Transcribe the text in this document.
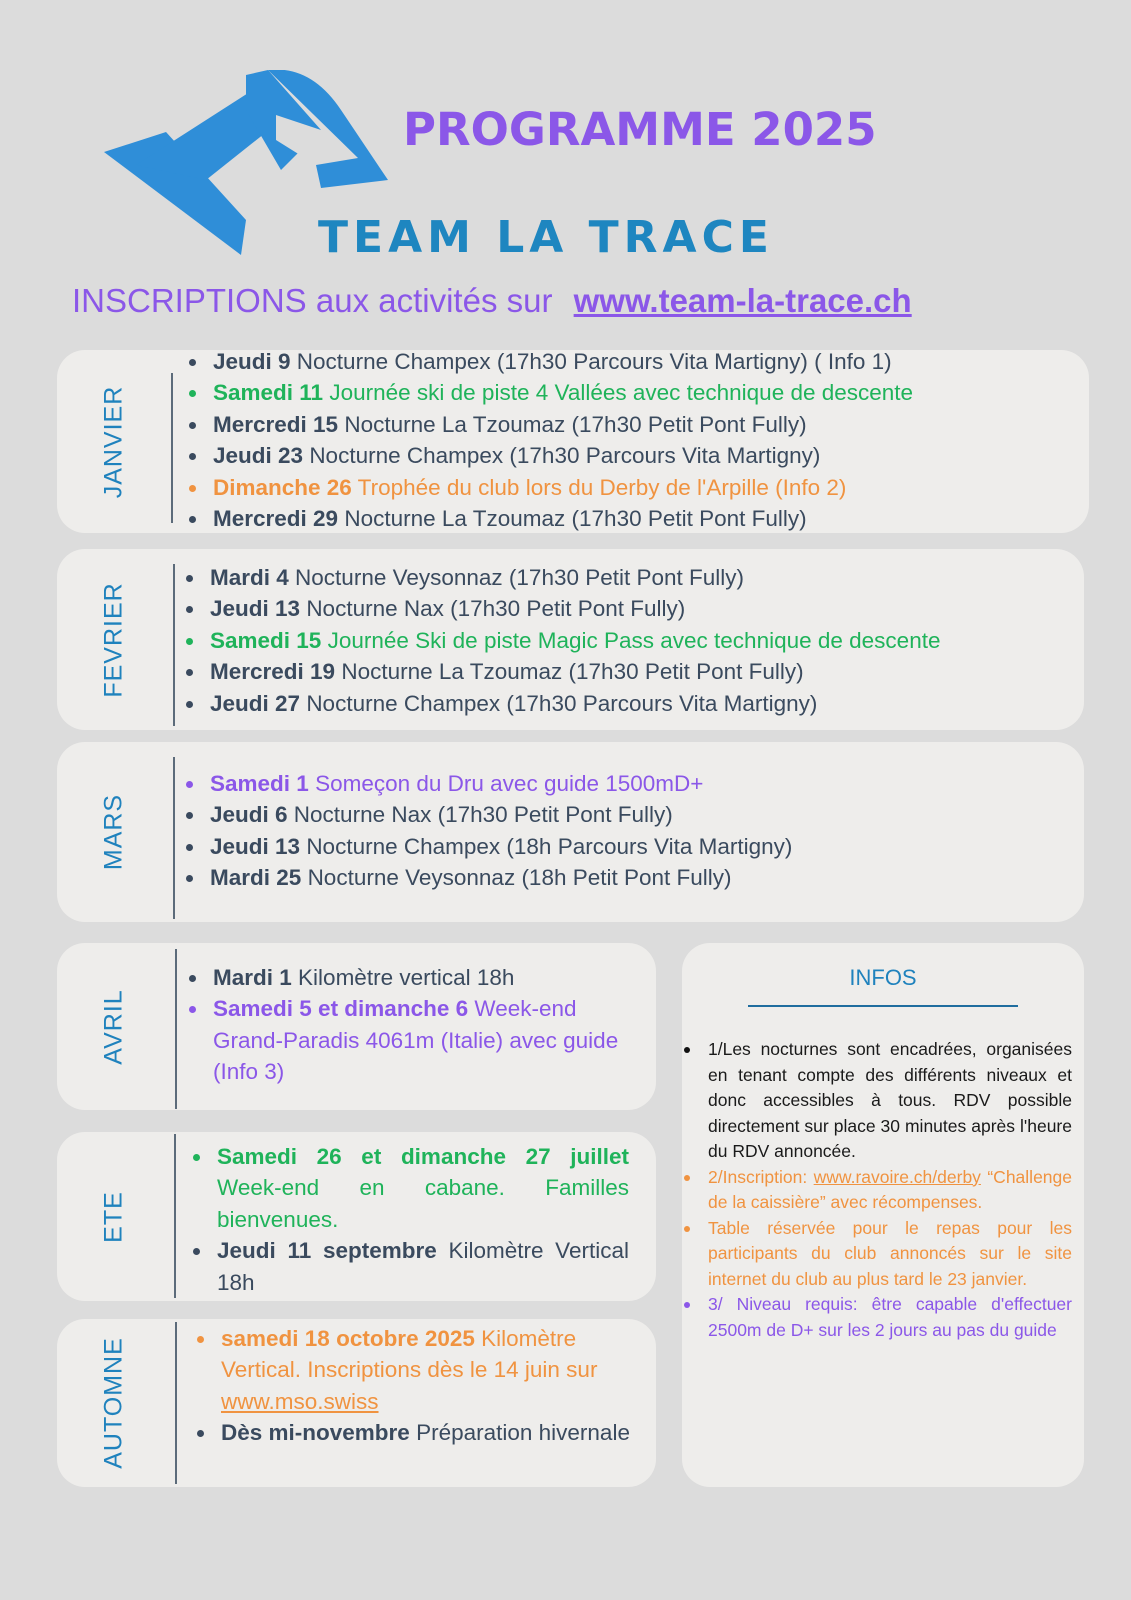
TEAM LA TRACE
PROGRAMME 2025
INSCRIPTIONS aux activités sur www.team-la-trace.ch
JANVIER
Jeudi 9 Nocturne Champex (17h30 Parcours Vita Martigny) ( Info 1)
Samedi 11 Journée ski de piste 4 Vallées avec technique de descente
Mercredi 15 Nocturne La Tzoumaz (17h30 Petit Pont Fully)
Jeudi 23 Nocturne Champex (17h30 Parcours Vita Martigny)
Dimanche 26 Trophée du club lors du Derby de l'Arpille (Info 2)
Mercredi 29 Nocturne La Tzoumaz (17h30 Petit Pont Fully)
FEVRIER
Mardi 4 Nocturne Veysonnaz (17h30 Petit Pont Fully)
Jeudi 13 Nocturne Nax (17h30 Petit Pont Fully)
Samedi 15 Journée Ski de piste Magic Pass avec technique de descente
Mercredi 19 Nocturne La Tzoumaz (17h30 Petit Pont Fully)
Jeudi 27 Nocturne Champex (17h30 Parcours Vita Martigny)
MARS
Samedi 1 Someçon du Dru avec guide 1500mD+
Jeudi 6 Nocturne Nax (17h30 Petit Pont Fully)
Jeudi 13 Nocturne Champex (18h Parcours Vita Martigny)
Mardi 25 Nocturne Veysonnaz (18h Petit Pont Fully)
AVRIL
Mardi 1 Kilomètre vertical 18h
Samedi 5 et dimanche 6 Week-end Grand-Paradis 4061m (Italie) avec guide (Info 3)
ETE
Samedi 26 et dimanche 27 juillet Week-end en cabane. Familles bienvenues.
Jeudi 11 septembre Kilomètre Vertical 18h
AUTOMNE	samedi 18 octobre 2025 Kilomètre Vertical. Inscriptions dès le 14 juin sur www.mso.swiss
Dès mi-novembre Préparation hivernale
INFOS
1/Les nocturnes sont encadrées, organisées en tenant compte des différents niveaux et donc accessibles à tous. RDV possible directement sur place 30 minutes après l'heure du RDV annoncée.
2/Inscription: www.ravoire.ch/derby “Challenge de la caissière” avec récompenses.
Table réservée pour le repas pour les participants du club annoncés sur le site internet du club au plus tard le 23 janvier.
3/ Niveau requis: être capable d'effectuer 2500m de D+ sur les 2 jours au pas du guide
